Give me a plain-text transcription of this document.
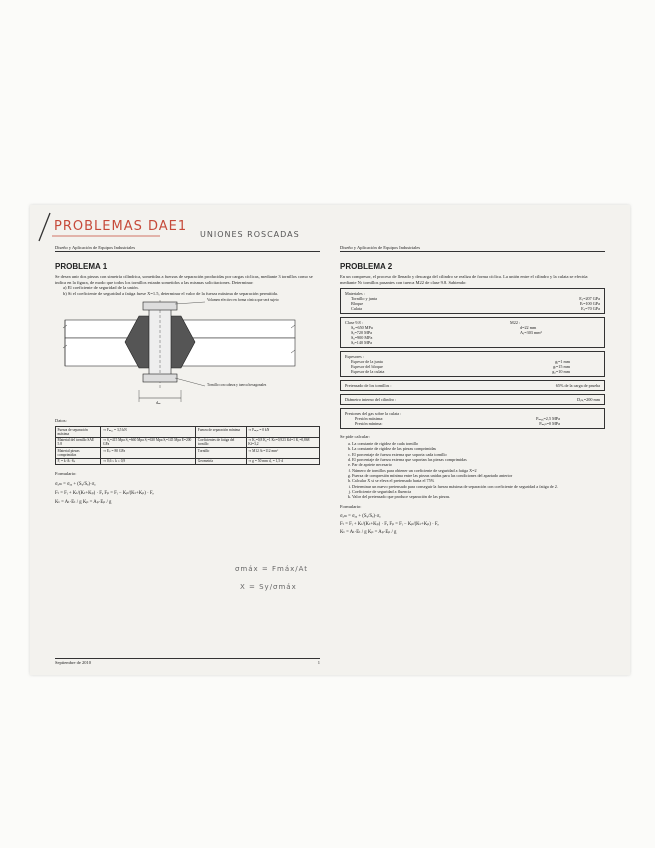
PROBLEMAS DAE1
UNIONES ROSCADAS
Diseño y Aplicación de Equipos Industriales
PROBLEMA 1

Se desea unir dos piezas con simetría cilíndrica, sometidas a fuerzas de separación producidas por cargas cíclicas, mediante 3 tornillos como se indica en la figura, de modo que todos los tornillos estarán sometidos a las mismas solicitaciones. Determinar:

a) El coeficiente de seguridad de la unión.

b) Si el coeficiente de seguridad a fatiga fuese X=1.5, determinar el valor de la fuerza máxima de separación permitida.

Volumen efectivo en forma cónica que será sujeto
Tornillo con cabeza y tuerca hexagonales
dₘ
Datos:
Fuerza de separación máxima	⇒ Fₘₐₓ = 3,5 kN	Fuerza de separación mínima	⇒ Fₘᵢₙ = 0 kN
Material del tornillo SAE 5.8	⇒ Sᵧ=415 Mpa Sᵤ=660 Mpa Sₑ=630 Mpa Sᵢ=145 Mpa E=200 GPa	Coeficientes de fatiga del tornillo	⇒ Kₐ=0,8 Kᵦ=1 Kc=0,923 Kd=1 Kₑ=0,868 Kf=3,2
Material piezas comprimidas	⇒ Eₚ = 80 GPa	Tornillo	⇒ M12 Aₜ=112 mm²
Fᵢ = k·Aₜ·Sₚ	⇒ 0,6 ≤ k ≤ 0,9	Geometría	⇒ g = 50 mm d₀ = 1,5·d
Formulario:
σₐₘ = σₐₐ + (Sᵤ/Sₑ)·σₐ
Fₜ = Fᵢ + Kₜ/(Kₜ+Kₚ) · Fₑ Fₚ = Fᵢ − Kₚ/(Kₜ+Kₚ) · Fₑ
Kₜ = Aₜ·Eₜ / g Kₚ = Aₚ·Eₚ / g
σmáx = Fmáx/At
X = Sy/σmáx
Septiembre de 2010	1
Diseño y Aplicación de Equipos Industriales
PROBLEMA 2
En un compresor, el proceso de llenado y descarga del cilindro se realiza de forma cíclica. La unión entre el cilindro y la culata se efectúa mediante Nₜ tornillos pasantes con tuerca M22 de clase 9.8. Sabiendo:
Materiales :
Tornillo y junta	Eₜ=207 GPa
Bloque	Eₗ=100 GPa
Culata	Eₛ=70 GPa
Clase 9.8 :
Sₚ=650 MPa
Sᵧ=720 MPa
Sᵤ=900 MPa
Sₑ=140 MPa
M22 :
d=22 mm
Aₜ=303 mm²
Espesores :
Espesor de la junta	gⱼ=1 mm
Espesor del bloque	gₗ=15 mm
Espesor de la culata	gₛ=10 mm
Pretensado de los tornillos :	65% de la carga de prueba
Diámetro interno del cilindro :	Dᵢₙₜ=200 mm
Presiones del gas sobre la culata :
Presión máxima:	Pₘₐₓ=2,5 MPa
Presión mínima:	Pₘᵢₙ=0 MPa
Se pide calcular:
a. La constante de rigidez de cada tornillo
b. La constante de rigidez de las piezas comprimidas
c. El porcentaje de fuerza externa que soporta cada tornillo
d. El porcentaje de fuerza externa que soportan las piezas comprimidas
e. Par de apriete necesario
f. Número de tornillos para obtener un coeficiente de seguridad a fatiga X=2
g. Fuerza de compresión mínima entre las piezas unidas para las condiciones del apartado anterior
h. Calcular X si se eleva el pretensado hasta el 75%
i. Determinar un nuevo pretensado para conseguir la fuerza máxima de separación con coeficiente de seguridad a fatiga de 2.
j. Coeficiente de seguridad a fluencia
k. Valor del pretensado que produce separación de las piezas.
Formulario:
σₐₘ = σₐₐ + (Sᵤ/Sₑ)·σₐ
Fₜ = Fᵢ + Kₜ/(Kₜ+Kₚ) · Fₑ Fₚ = Fᵢ − Kₚ/(Kₜ+Kₚ) · Fₑ
Kₜ = Aₜ·Eₜ / g Kₚ = Aₚ·Eₚ / g
